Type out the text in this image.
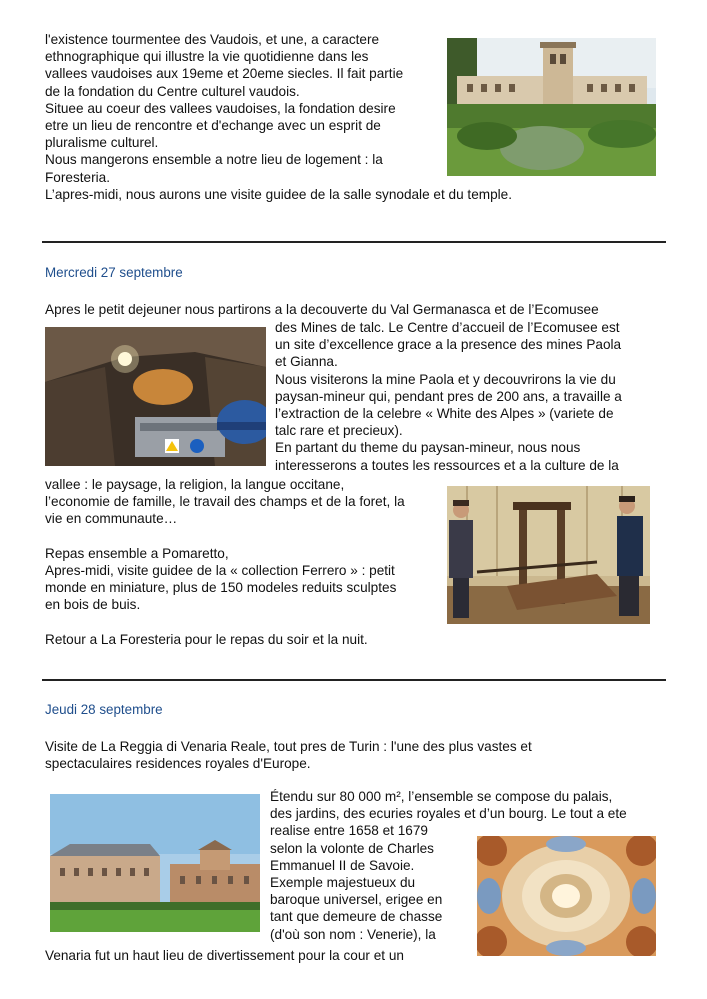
l'existence tourmentee des Vaudois, et une, a caractere
ethnographique qui illustre la vie quotidienne dans les
vallees vaudoises aux 19eme et 20eme siecles. Il fait partie
de la fondation du Centre culturel vaudois.
Situee au coeur des vallees vaudoises, la fondation desire
etre un lieu de rencontre et d'echange avec un esprit de
pluralisme culturel.
Nous mangerons ensemble a notre lieu de logement : la
Foresteria.
L’apres-midi, nous aurons une visite guidee de la salle synodale et du temple.
Mercredi 27 septembre
Apres le petit dejeuner nous partirons a la decouverte du Val Germanasca et de l’Ecomusee
des Mines de talc. Le Centre d’accueil de l’Ecomusee est
un site d’excellence grace a la presence des mines Paola
et Gianna.
Nous visiterons la mine Paola et y decouvrirons la vie du
paysan-mineur qui, pendant pres de 200 ans, a travaille a
l’extraction de la celebre « White des Alpes » (variete de
talc rare et precieux).
En partant du theme du paysan-mineur, nous nous
interesserons a toutes les ressources et a la culture de la
vallee : le paysage, la religion, la langue occitane,
l’economie de famille, le travail des champs et de la foret, la
vie en communaute…

Repas ensemble a Pomaretto,
Apres-midi, visite guidee de la « collection Ferrero » : petit
monde en miniature, plus de 150 modeles reduits sculptes
en bois de buis.

Retour a La Foresteria pour le repas du soir et la nuit.
Jeudi 28 septembre
Visite de La Reggia di Venaria Reale, tout pres de Turin : l'une des plus vastes et
spectaculaires residences royales d'Europe.
Étendu sur 80 000 m², l’ensemble se compose du palais,
des jardins, des ecuries royales et d’un bourg. Le tout a ete
realise entre 1658 et 1679
selon la volonte de Charles
Emmanuel II de Savoie.
Exemple majestueux du
baroque universel, erigee en
tant que demeure de chasse
(d'où son nom : Venerie), la
Venaria fut un haut lieu de divertissement pour la cour et un
